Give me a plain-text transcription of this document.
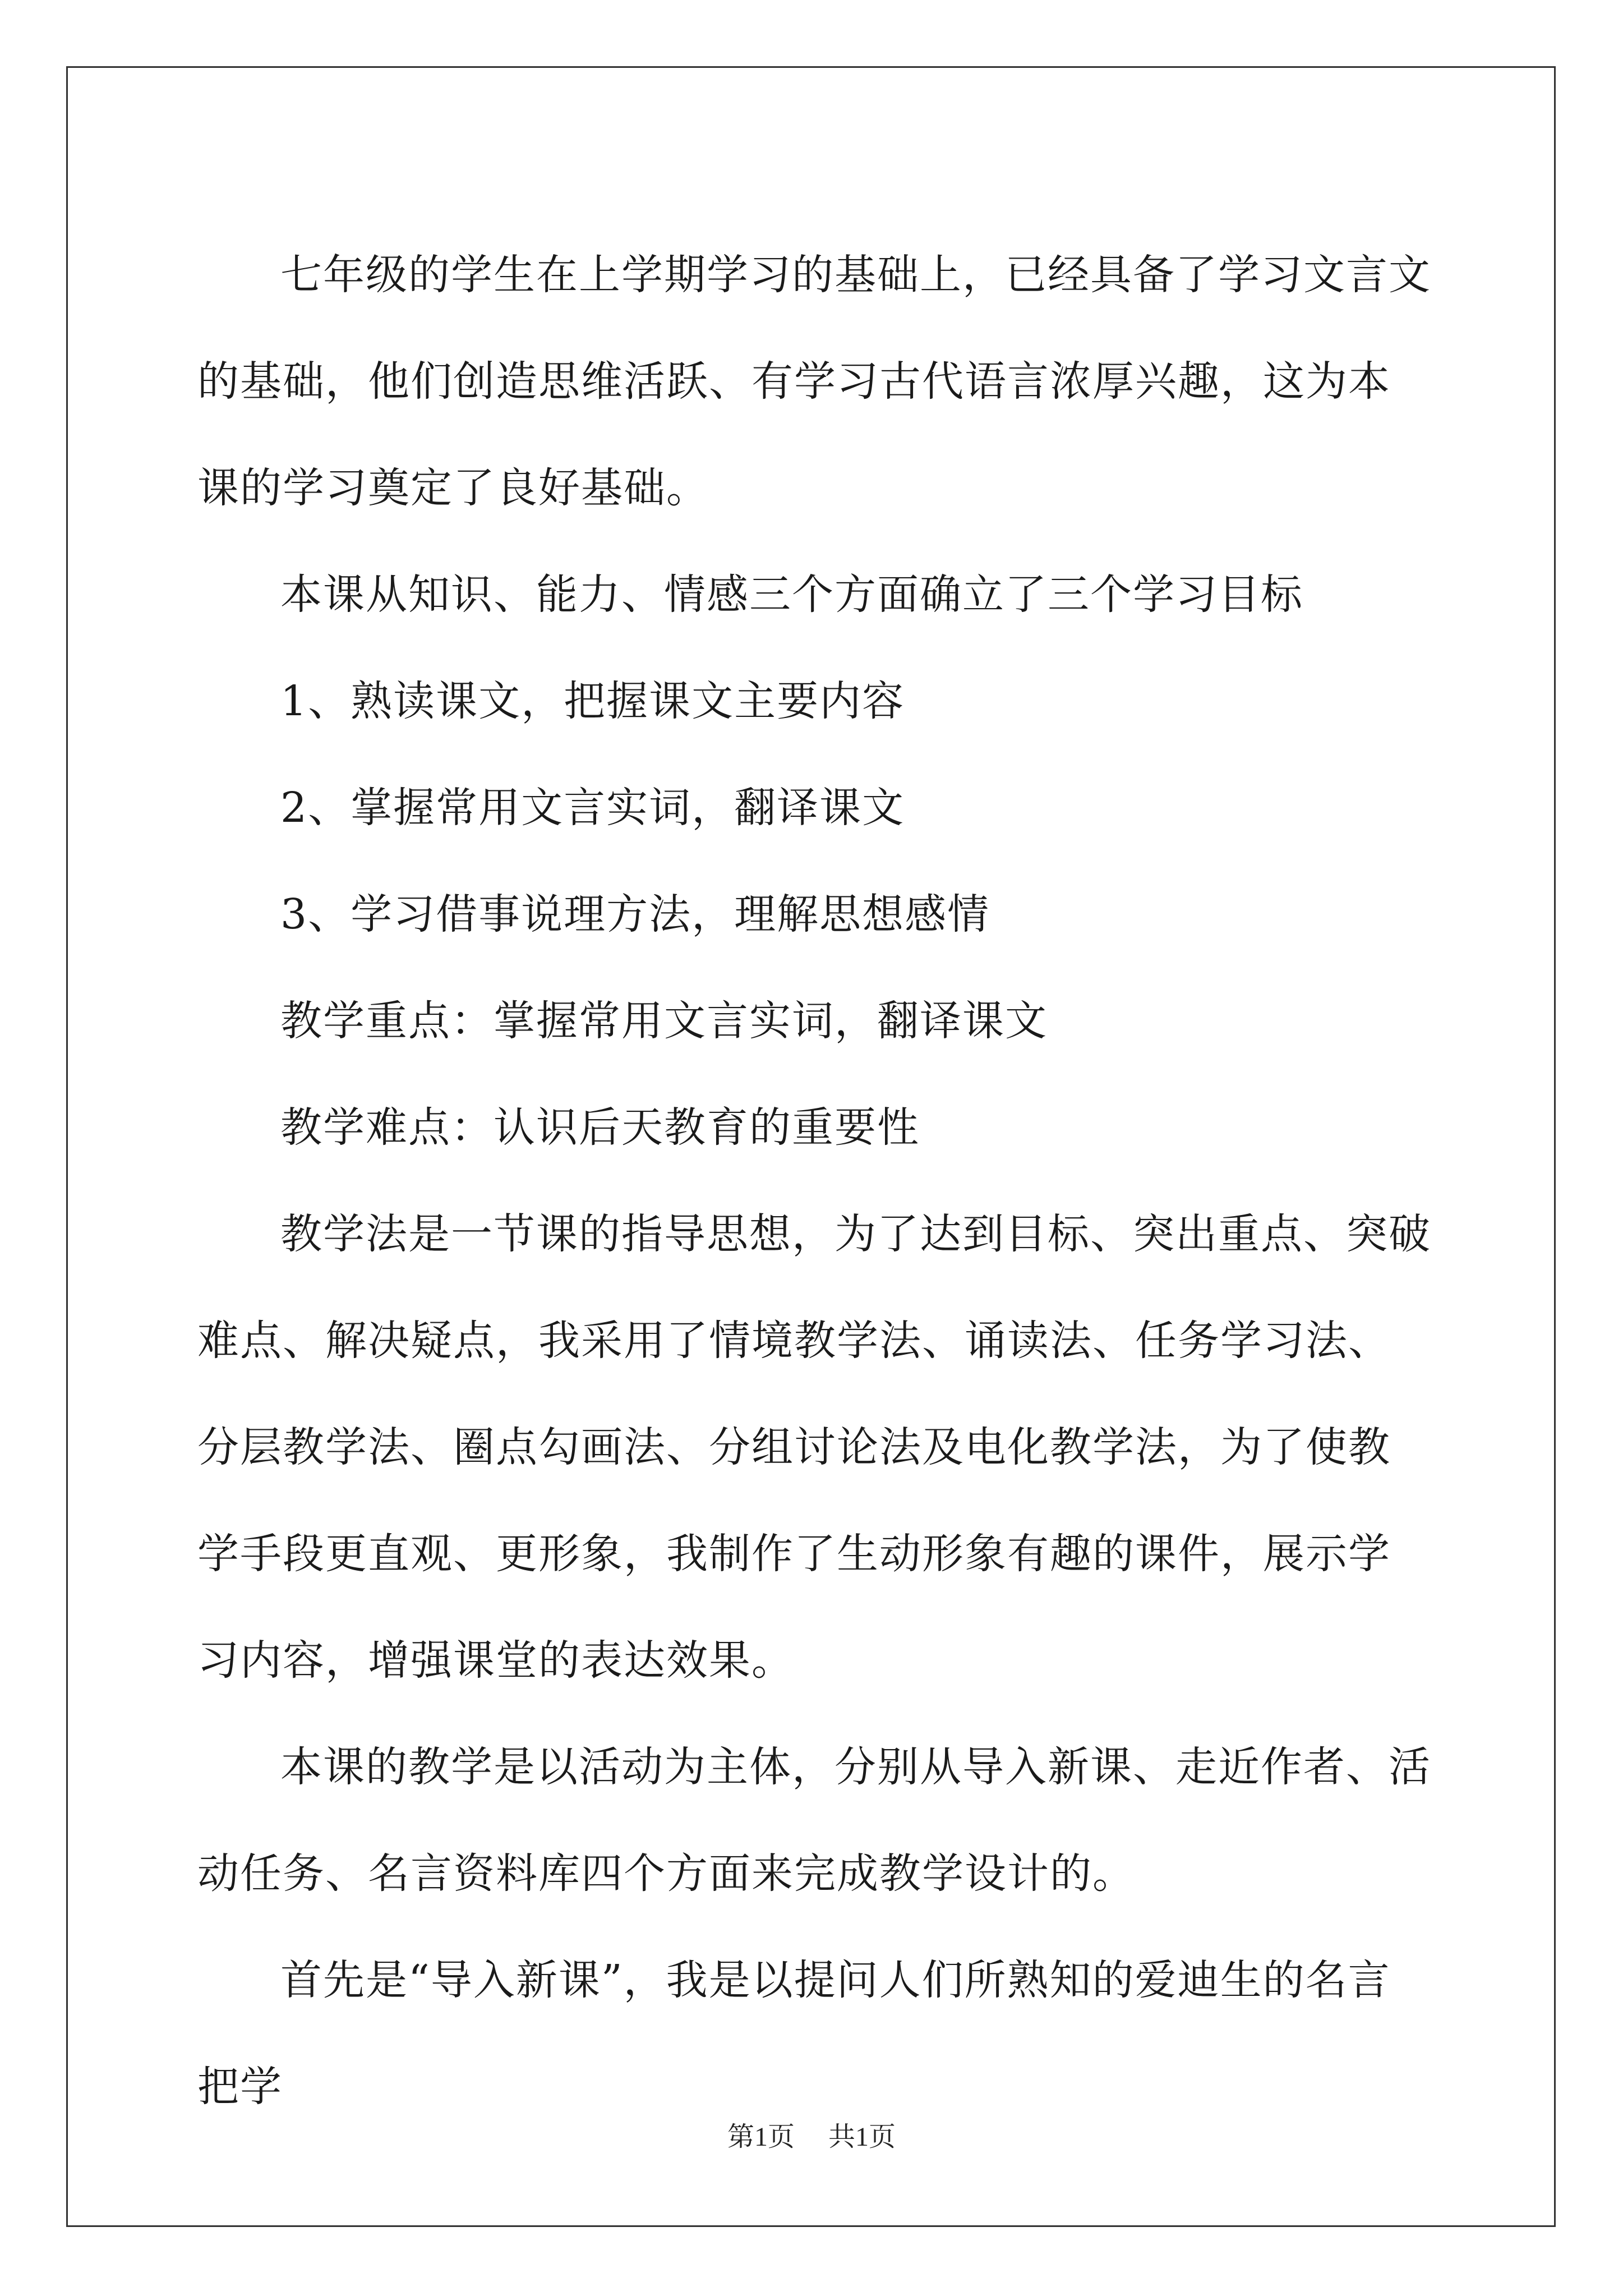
七年级的学生在上学期学习的基础上，已经具备了学习文言文的基础，他们创造思维活跃、有学习古代语言浓厚兴趣，这为本课的学习奠定了良好基础。

本课从知识、能力、情感三个方面确立了三个学习目标

1、熟读课文，把握课文主要内容

2、掌握常用文言实词，翻译课文

3、学习借事说理方法，理解思想感情

教学重点：掌握常用文言实词，翻译课文

教学难点：认识后天教育的重要性

教学法是一节课的指导思想，为了达到目标、突出重点、突破难点、解决疑点，我采用了情境教学法、诵读法、任务学习法、分层教学法、圈点勾画法、分组讨论法及电化教学法，为了使教学手段更直观、更形象，我制作了生动形象有趣的课件，展示学习内容，增强课堂的表达效果。

本课的教学是以活动为主体，分别从导入新课、走近作者、活动任务、名言资料库四个方面来完成教学设计的。

首先是“导入新课”，我是以提问人们所熟知的爱迪生的名言把学

第1页 共1页
